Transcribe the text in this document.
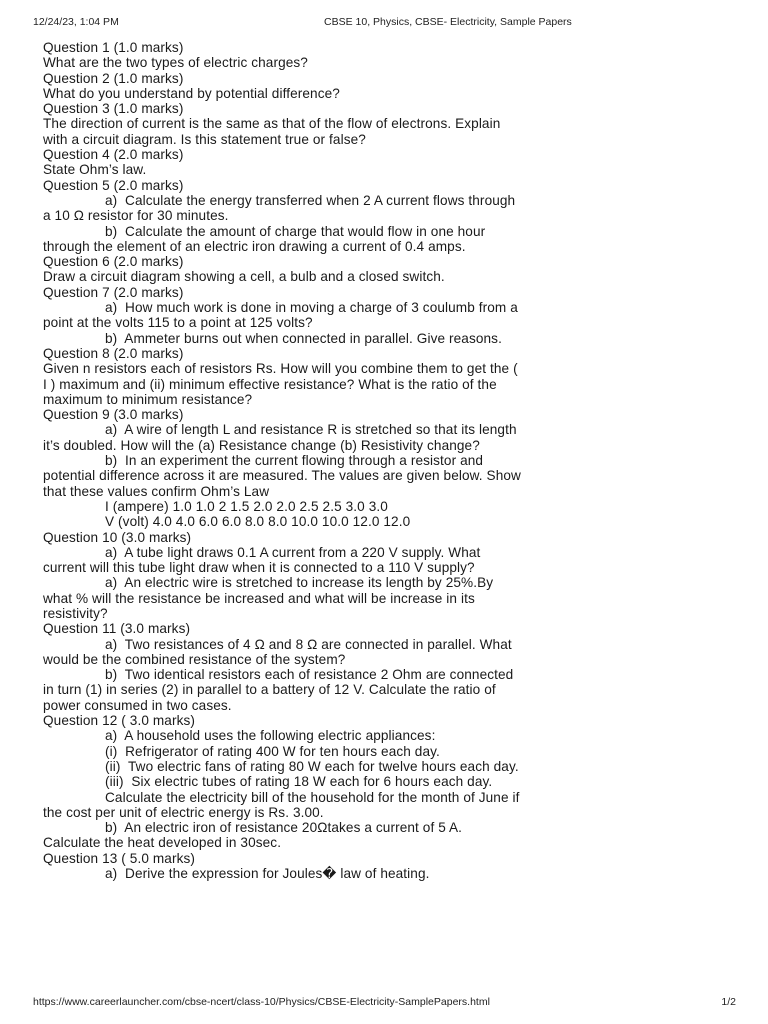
12/24/23, 1:04 PM	CBSE 10, Physics, CBSE- Electricity, Sample Papers

Question 1 (1.0 marks)

What are the two types of electric charges?

Question 2 (1.0 marks)

What do you understand by potential difference?

Question 3 (1.0 marks)

The direction of current is the same as that of the flow of electrons. Explain with a circuit diagram. Is this statement true or false?

Question 4 (2.0 marks)

State Ohm’s law.

Question 5 (2.0 marks)

a)  Calculate the energy transferred when 2 A current flows through a 10 Ω resistor for 30 minutes.

b)  Calculate the amount of charge that would flow in one hour through the element of an electric iron drawing a current of 0.4 amps.

Question 6 (2.0 marks)

Draw a circuit diagram showing a cell, a bulb and a closed switch.

Question 7 (2.0 marks)

a)  How much work is done in moving a charge of 3 coulumb from a point at the volts 115 to a point at 125 volts?

b)  Ammeter burns out when connected in parallel. Give reasons.

Question 8 (2.0 marks)

Given n resistors each of resistors Rs. How will you combine them to get the ( I ) maximum and (ii) minimum effective resistance? What is the ratio of the maximum to minimum resistance?

Question 9 (3.0 marks)

a)  A wire of length L and resistance R is stretched so that its length it’s doubled. How will the (a) Resistance change (b) Resistivity change?

b)  In an experiment the current flowing through a resistor and potential difference across it are measured. The values are given below. Show that these values confirm Ohm’s Law

I (ampere) 1.0 1.0 2 1.5 2.0 2.0 2.5 2.5 3.0 3.0

V (volt) 4.0 4.0 6.0 6.0 8.0 8.0 10.0 10.0 12.0 12.0

Question 10 (3.0 marks)

a)  A tube light draws 0.1 A current from a 220 V supply. What current will this tube light draw when it is connected to a 110 V supply?

a)  An electric wire is stretched to increase its length by 25%.By what % will the resistance be increased and what will be increase in its resistivity?

Question 11 (3.0 marks)

a)  Two resistances of 4 Ω and 8 Ω are connected in parallel. What would be the combined resistance of the system?

b)  Two identical resistors each of resistance 2 Ohm are connected in turn (1) in series (2) in parallel to a battery of 12 V. Calculate the ratio of power consumed in two cases.

Question 12 ( 3.0 marks)

a)  A household uses the following electric appliances:

(i)  Refrigerator of rating 400 W for ten hours each day.

(ii)  Two electric fans of rating 80 W each for twelve hours each day.

(iii)  Six electric tubes of rating 18 W each for 6 hours each day.

Calculate the electricity bill of the household for the month of June if the cost per unit of electric energy is Rs. 3.00.

b)  An electric iron of resistance 20Ωtakes a current of 5 A. Calculate the heat developed in 30sec.

Question 13 ( 5.0 marks)

a)  Derive the expression for Joules� law of heating.

https://www.careerlauncher.com/cbse-ncert/class-10/Physics/CBSE-Electricity-SamplePapers.html	1/2
